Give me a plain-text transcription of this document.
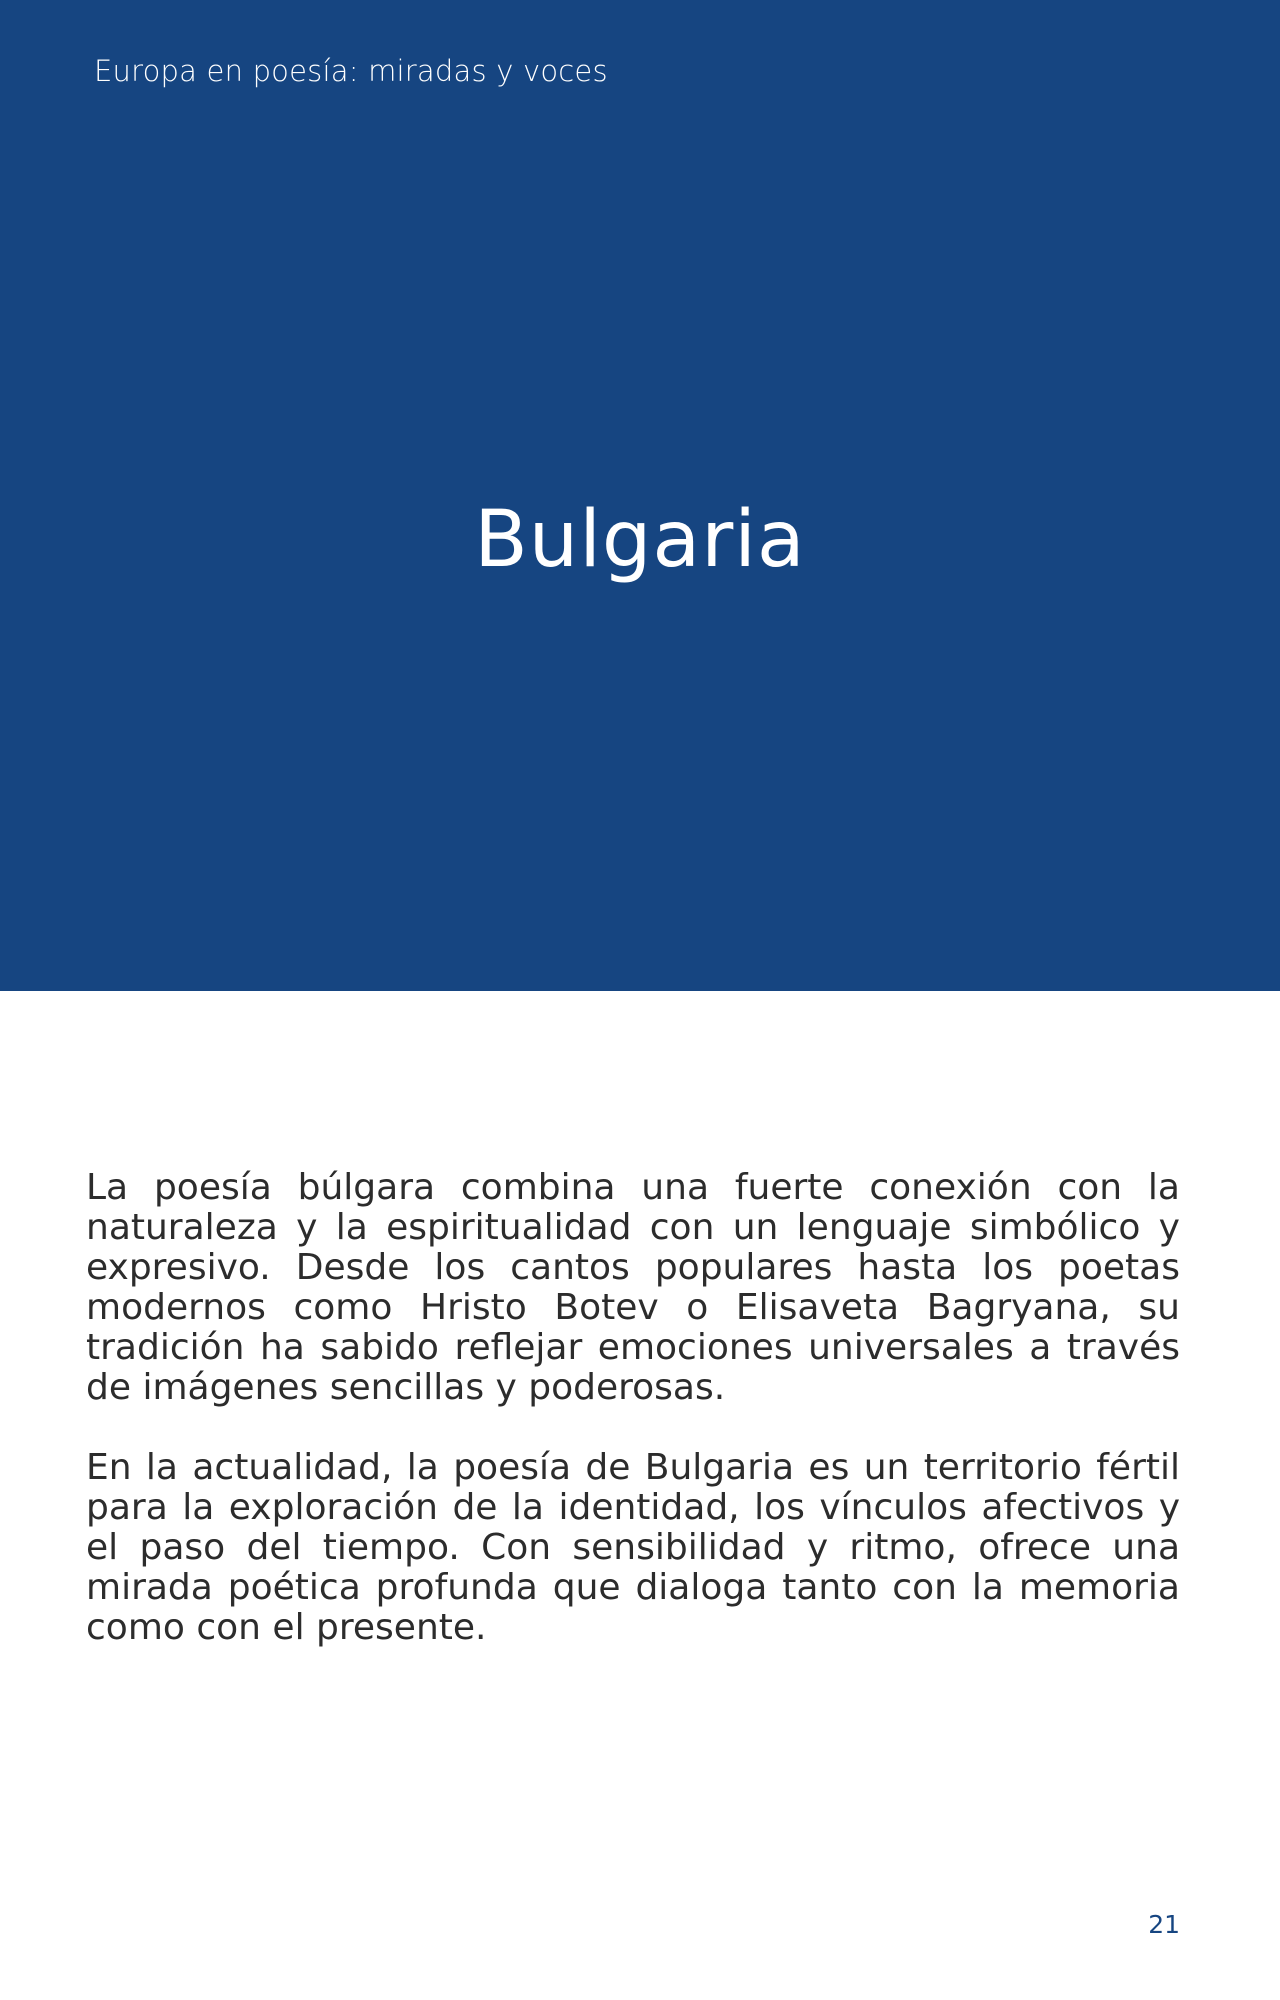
Europa en poesía: miradas y voces
Bulgaria

La poesía búlgara combina una fuerte conexión con la naturaleza y la espiritualidad con un lenguaje simbólico y expresivo. Desde los cantos populares hasta los poetas modernos como Hristo Botev o Elisaveta Bagryana, su tradición ha sabido reflejar emociones universales a través de imágenes sencillas y poderosas.

En la actualidad, la poesía de Bulgaria es un territorio fértil para la exploración de la identidad, los vínculos afectivos y el paso del tiempo. Con sensibilidad y ritmo, ofrece una mirada poética profunda que dialoga tanto con la memoria como con el presente.

21
